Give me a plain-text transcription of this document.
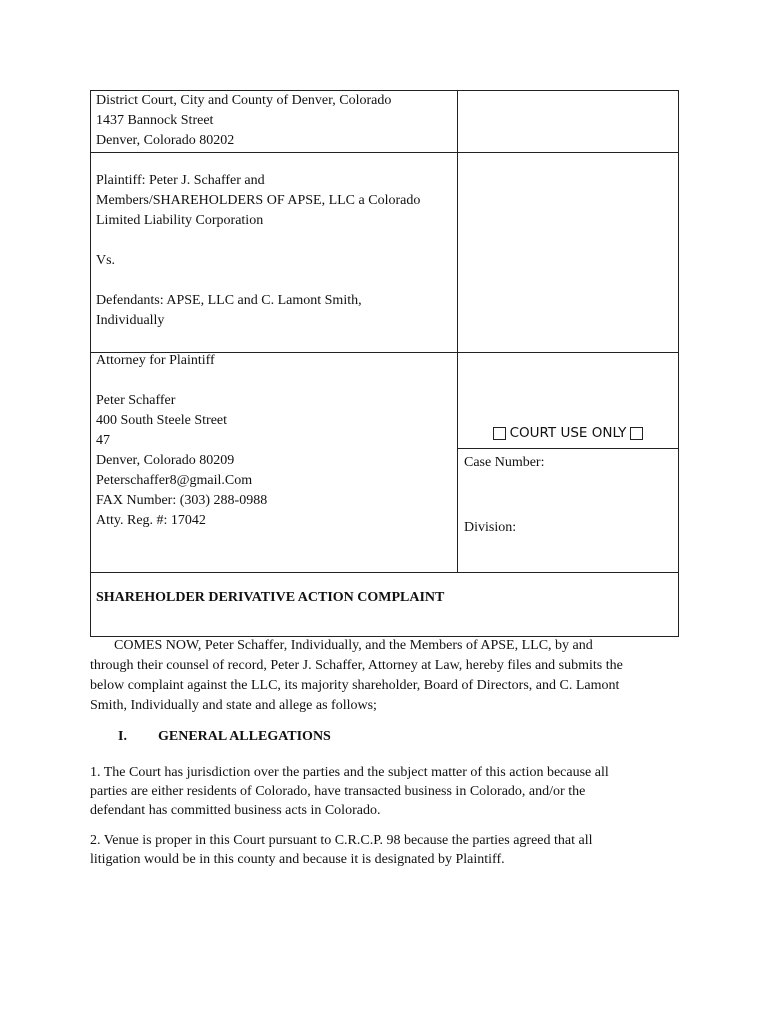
District Court, City and County of Denver, Colorado
1437 Bannock Street
Denver, Colorado 80202
Plaintiff: Peter J. Schaffer and
Members/SHAREHOLDERS OF APSE, LLC a Colorado
Limited Liability Corporation
Vs.
Defendants: APSE, LLC and C. Lamont Smith,
Individually
Attorney for Plaintiff
Peter Schaffer
400 South Steele Street
47
Denver, Colorado 80209
Peterschaffer8@gmail.Com
FAX Number: (303) 288-0988
Atty. Reg. #: 17042
COURT USE ONLY
Case Number:
Division:
SHAREHOLDER DERIVATIVE ACTION COMPLAINT

COMES NOW, Peter Schaffer, Individually, and the Members of APSE, LLC, by and

through their counsel of record, Peter J. Schaffer, Attorney at Law, hereby files and submits the

below complaint against the LLC, its majority shareholder, Board of Directors, and C. Lamont

Smith, Individually and state and allege as follows;

I. GENERAL ALLEGATIONS

1. The Court has jurisdiction over the parties and the subject matter of this action because all

parties are either residents of Colorado, have transacted business in Colorado, and/or the

defendant has committed business acts in Colorado.

2. Venue is proper in this Court pursuant to C.R.C.P. 98 because the parties agreed that all

litigation would be in this county and because it is designated by Plaintiff.
